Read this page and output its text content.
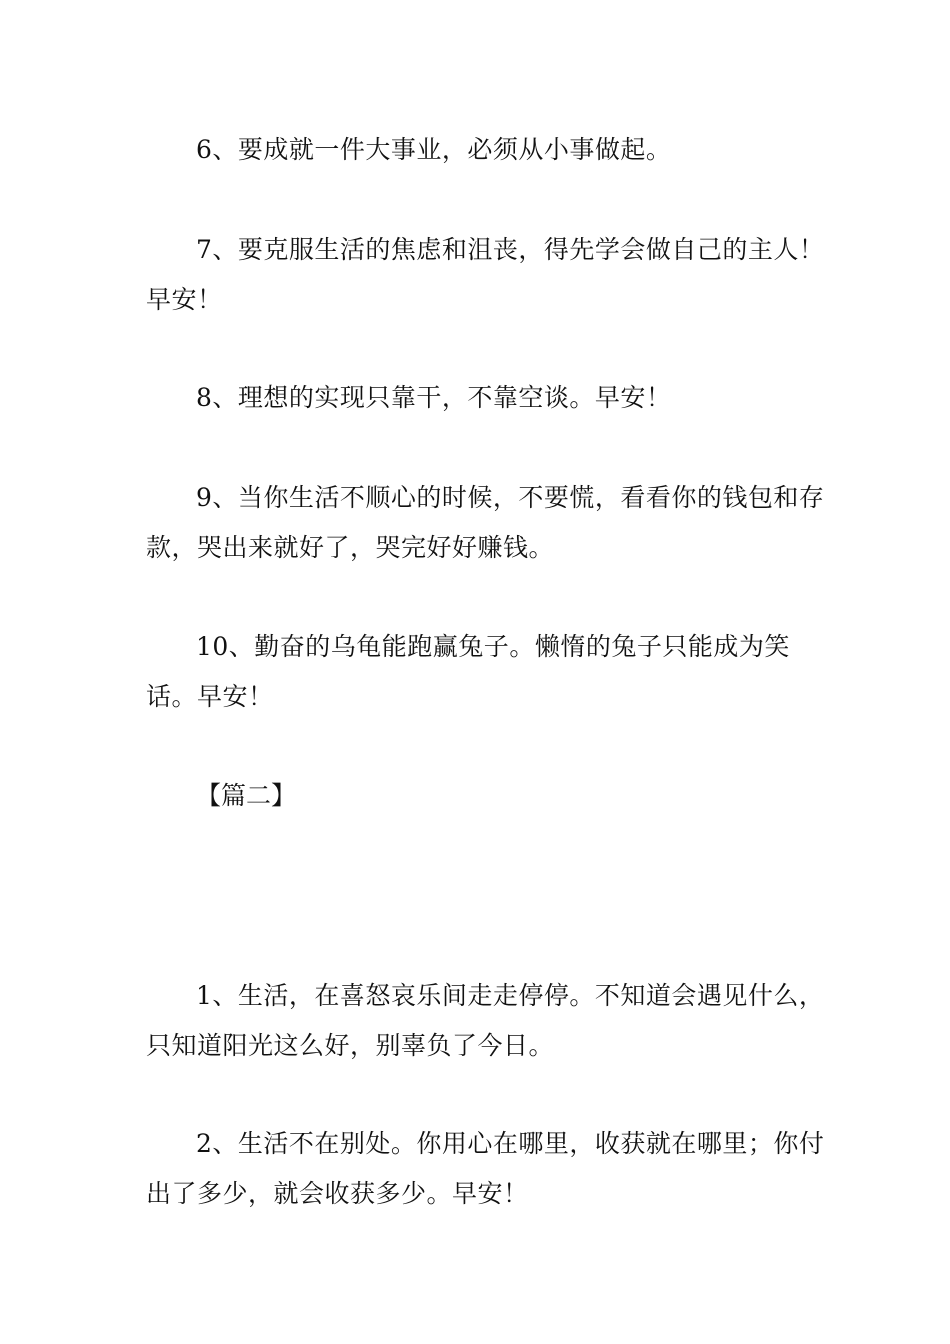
6、要成就一件大事业，必须从小事做起。

7、要克服生活的焦虑和沮丧，得先学会做自己的主人！早安！

8、理想的实现只靠干，不靠空谈。早安！

9、当你生活不顺心的时候，不要慌，看看你的钱包和存款，哭出来就好了，哭完好好赚钱。

10、勤奋的乌龟能跑赢兔子。懒惰的兔子只能成为笑话。早安！

【篇二】

1、生活，在喜怒哀乐间走走停停。不知道会遇见什么，只知道阳光这么好，别辜负了今日。

2、生活不在别处。你用心在哪里，收获就在哪里；你付出了多少，就会收获多少。早安！
